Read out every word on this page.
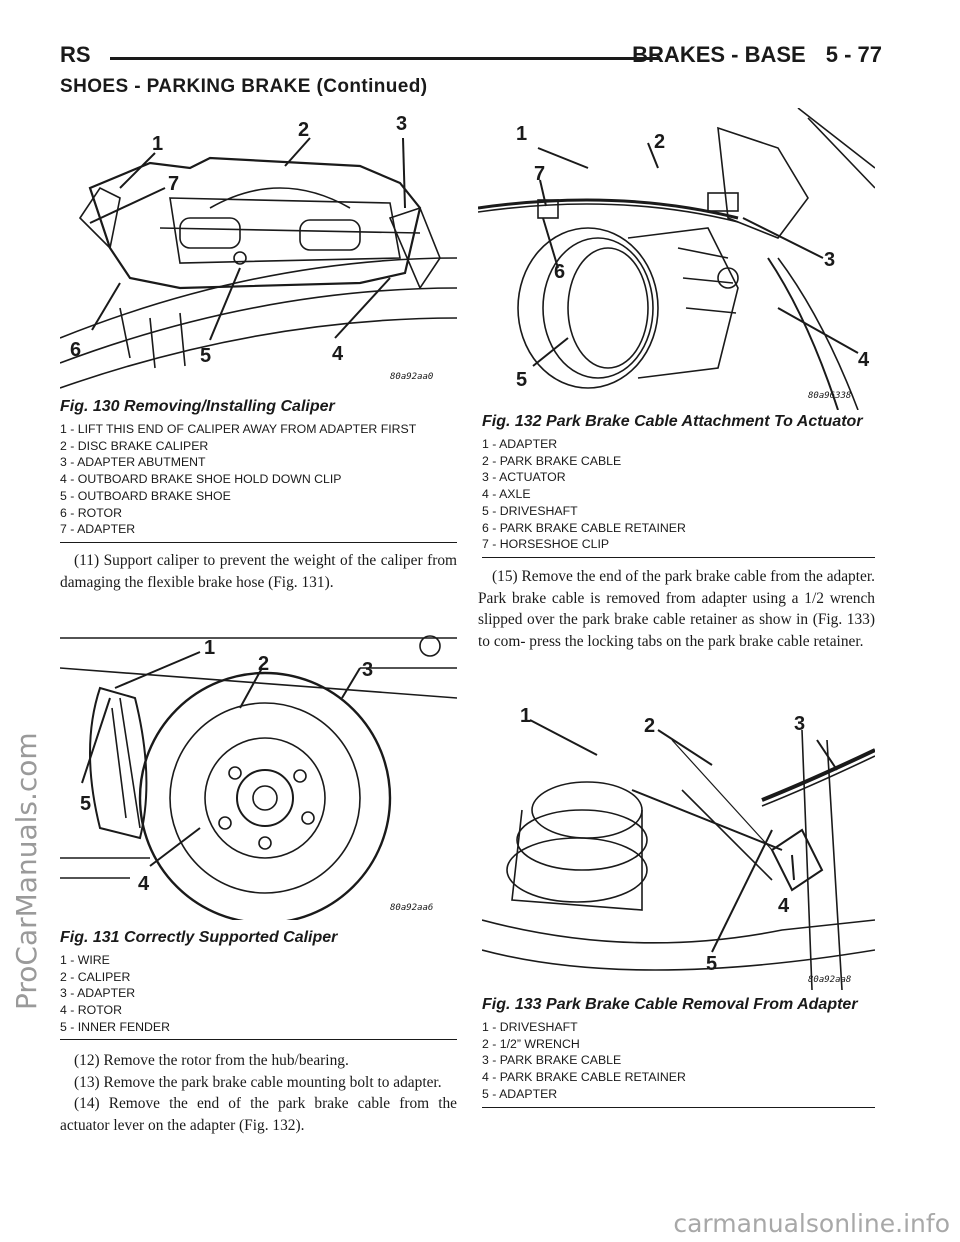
RS	BRAKES - BASE 5 - 77
SHOES - PARKING BRAKE (Continued)
ProCarManuals.com
1
2	3
4
5
6
7
80a92aa0
Fig. 130 Removing/Installing Caliper
1 - LIFT THIS END OF CALIPER AWAY FROM ADAPTER FIRST
2 - DISC BRAKE CALIPER
3 - ADAPTER ABUTMENT
4 - OUTBOARD BRAKE SHOE HOLD DOWN CLIP
5 - OUTBOARD BRAKE SHOE
6 - ROTOR
7 - ADAPTER

(11) Support caliper to prevent the weight of the caliper from damaging the flexible brake hose (Fig. 131).

1
2	3
4
5
80a92aa6
Fig. 131 Correctly Supported Caliper
1 - WIRE
2 - CALIPER
3 - ADAPTER
4 - ROTOR
5 - INNER FENDER

(12) Remove the rotor from the hub/bearing.

(13) Remove the park brake cable mounting bolt to adapter.

(14) Remove the end of the park brake cable from the actuator lever on the adapter (Fig. 132).

1	2
3
4
5
6
7
80a96338
Fig. 132 Park Brake Cable Attachment To Actuator
1 - ADAPTER
2 - PARK BRAKE CABLE
3 - ACTUATOR
4 - AXLE
5 - DRIVESHAFT
6 - PARK BRAKE CABLE RETAINER
7 - HORSESHOE CLIP

(15) Remove the end of the park brake cable from the adapter. Park brake cable is removed from adapter using a 1/2 wrench slipped over the park brake cable retainer as show in (Fig. 133) to com- press the locking tabs on the park brake cable retainer.

1	2	3
4
5
80a92aa8
Fig. 133 Park Brake Cable Removal From Adapter
1 - DRIVESHAFT
2 - 1/2” WRENCH
3 - PARK BRAKE CABLE
4 - PARK BRAKE CABLE RETAINER
5 - ADAPTER
carmanualsonline.info
